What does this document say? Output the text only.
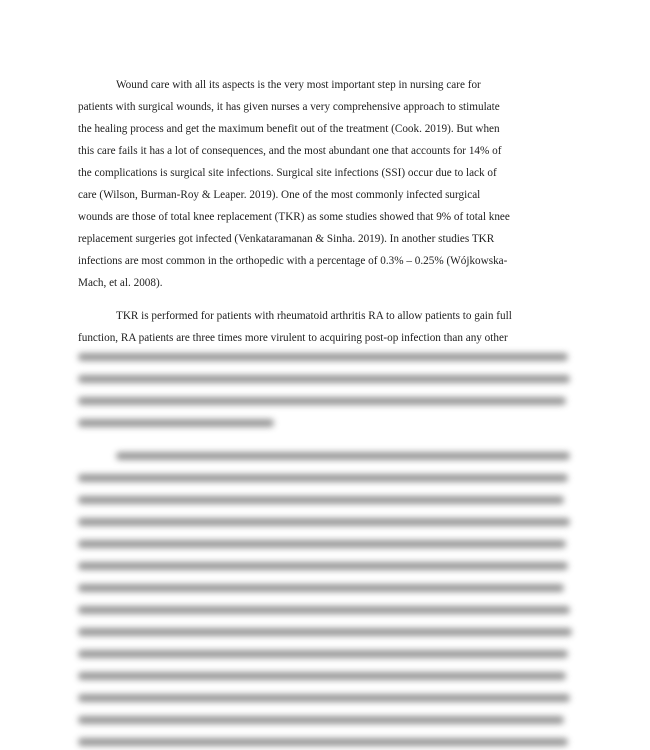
Wound care with all its aspects is the very most important step in nursing care for
patients with surgical wounds, it has given nurses a very comprehensive approach to stimulate
the healing process and get the maximum benefit out of the treatment (Cook. 2019). But when
this care fails it has a lot of consequences, and the most abundant one that accounts for 14% of
the complications is surgical site infections. Surgical site infections (SSI) occur due to lack of
care (Wilson, Burman-Roy & Leaper. 2019). One of the most commonly infected surgical
wounds are those of total knee replacement (TKR) as some studies showed that 9% of total knee
replacement surgeries got infected (Venkataramanan & Sinha. 2019). In another studies TKR
infections are most common in the orthopedic with a percentage of 0.3% – 0.25% (Wójkowska-
Mach, et al. 2008).
TKR is performed for patients with rheumatoid arthritis RA to allow patients to gain full
function, RA patients are three times more virulent to acquiring post-op infection than any other
